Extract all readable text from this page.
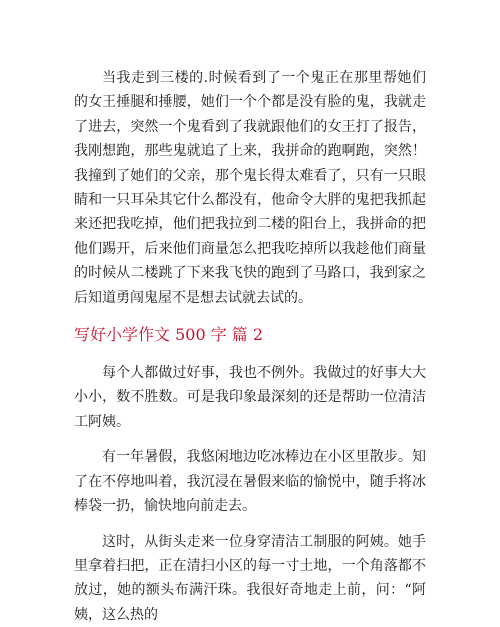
当我走到三楼的.时候看到了一个鬼正在那里帮她们的女王捶腿和捶腰，她们一个个都是没有脸的鬼，我就走了进去，突然一个鬼看到了我就跟他们的女王打了报告，我刚想跑，那些鬼就追了上来，我拼命的跑啊跑，突然！我撞到了她们的父亲，那个鬼长得太难看了，只有一只眼睛和一只耳朵其它什么都没有，他命令大胖的鬼把我抓起来还把我吃掉，他们把我拉到二楼的阳台上，我拼命的把他们踢开，后来他们商量怎么把我吃掉所以我趁他们商量的时候从二楼跳了下来我飞快的跑到了马路口，我到家之后知道勇闯鬼屋不是想去试就去试的。

写好小学作文 500 字 篇 2

每个人都做过好事，我也不例外。我做过的好事大大小小，数不胜数。可是我印象最深刻的还是帮助一位清洁工阿姨。

有一年暑假，我悠闲地边吃冰棒边在小区里散步。知了在不停地叫着，我沉浸在暑假来临的愉悦中，随手将冰棒袋一扔，愉快地向前走去。

这时，从街头走来一位身穿清洁工制服的阿姨。她手里拿着扫把，正在清扫小区的每一寸土地，一个角落都不放过，她的额头布满汗珠。我很好奇地走上前，问：“阿姨，这么热的
